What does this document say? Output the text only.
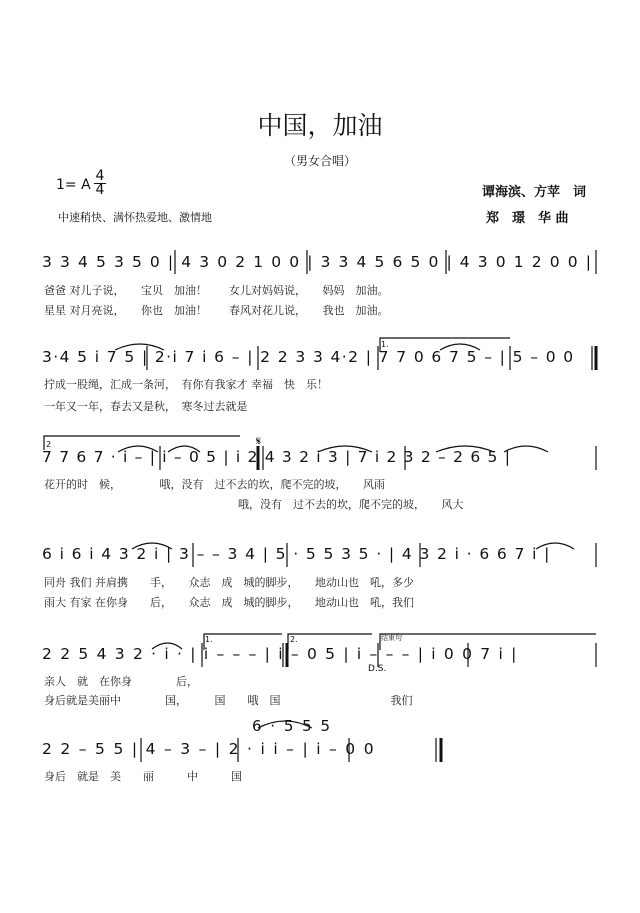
中国，加油
（男女合唱）
1= A
4
4
中速稍快、满怀热爱地、激情地
谭海滨、方苹　词
郑　璟　华 曲
3 3 4 5 3 5 0 | 4 3 0 2 1 0 0 | 3 3 4 5 6 5 0 | 4 3 0 1 2 0 0 |
爸爸 对儿子说，　　宝贝　加油！　　女儿对妈妈说，　　妈妈　加油。
星星 对月亮说，　　你也　加油！　　春风对花儿说，　　我也　加油。
3·4 5 i 7 5 | 2·i 7 i 6 – | 2 2 3 3 4·2 | 7 7 0 6 7 5 – | 5 – 0 0
拧成一股绳，汇成一条河，　有你有我家才 幸福　快　乐！
一年又一年，春去又是秋，　寒冬过去就是
7 7 6 7 · i – | i – 0 5 | i 2 4 3 2 i 3 | 7 i 2 3 2 – 2 6 5 |
花开的时　候，　　　　哦，没有　过不去的坎，爬不完的坡，　　风雨
哦，没有　过不去的坎，爬不完的坡，　　风大
6 i 6 i 4 3 2 i | 3 – – 3 4 | 5 · 5 5 3 5 · | 4 3 2 i · 6 6 7 i |
同舟 我们 并肩携　　手，　　众志　成　城的脚步，　　地动山也　吼，多少
雨大 有家 在你身　　后，　　众志　成　城的脚步，　　地动山也　吼，我们
2 2 5 4 3 2 · i · | i – – – | i – 0 5 | i – – – | i 0 0 7 i |
亲人　就　在你身　　　　后，
身后就是美丽中　　　　国，　　　国　　哦　国　　　　　　　　　　我们
6 · 5 5 5
2 2 – 5 5 | 4 – 3 – | 2 · i i – | i – 0 0
身后　就是　美　　丽　　　中　　　国
1.
2	𝄋
1.	2.	结束句
D.S.
